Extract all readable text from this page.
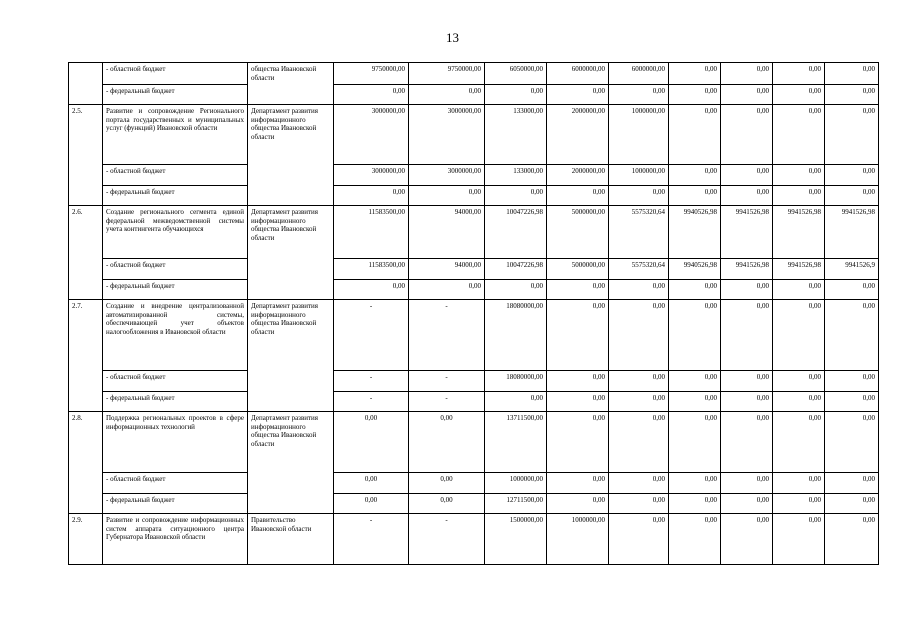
13
	- областной бюджет	общества Ивановской области	9750000,00	9750000,00	6050000,00	6000000,00	6000000,00	0,00	0,00	0,00	0,00
	- федеральный бюджет		0,00	0,00	0,00	0,00	0,00	0,00	0,00	0,00	0,00
2.5.	Развитие и сопровождение Регионального портала государственных и муниципальных услуг (функций) Ивановской области	Департамент развития информационного общества Ивановской области	3000000,00	3000000,00	133000,00	2000000,00	1000000,00	0,00	0,00	0,00	0,00
	- областной бюджет		3000000,00	3000000,00	133000,00	2000000,00	1000000,00	0,00	0,00	0,00	0,00
	- федеральный бюджет		0,00	0,00	0,00	0,00	0,00	0,00	0,00	0,00	0,00
2.6.	Создание регионального сегмента единой федеральной межведомственной системы учета контингента обучающихся	Департамент развития информационного общества Ивановской области	11583500,00	94000,00	10047226,98	5000000,00	5575320,64	9940526,98	9941526,98	9941526,98	9941526,98
	- областной бюджет		11583500,00	94000,00	10047226,98	5000000,00	5575320,64	9940526,98	9941526,98	9941526,98	9941526,9
	- федеральный бюджет		0,00	0,00	0,00	0,00	0,00	0,00	0,00	0,00	0,00
2.7.	Создание и внедрение централизованной автоматизированной системы, обеспечивающей учет объектов налогообложения в Ивановской области	Департамент развития информационного общества Ивановской области	-	-	18080000,00	0,00	0,00	0,00	0,00	0,00	0,00
	- областной бюджет		-	-	18080000,00	0,00	0,00	0,00	0,00	0,00	0,00
	- федеральный бюджет		-	-	0,00	0,00	0,00	0,00	0,00	0,00	0,00
2.8.	Поддержка региональных проектов в сфере информационных технологий	Департамент развития информационного общества Ивановской области	0,00	0,00	13711500,00	0,00	0,00	0,00	0,00	0,00	0,00
	- областной бюджет		0,00	0,00	1000000,00	0,00	0,00	0,00	0,00	0,00	0,00
	- федеральный бюджет		0,00	0,00	12711500,00	0,00	0,00	0,00	0,00	0,00	0,00
2.9.	Развитие и сопровождение информационных систем аппарата ситуационного центра Губернатора Ивановской области	Правительство Ивановской области	-	-	1500000,00	1000000,00	0,00	0,00	0,00	0,00	0,00
